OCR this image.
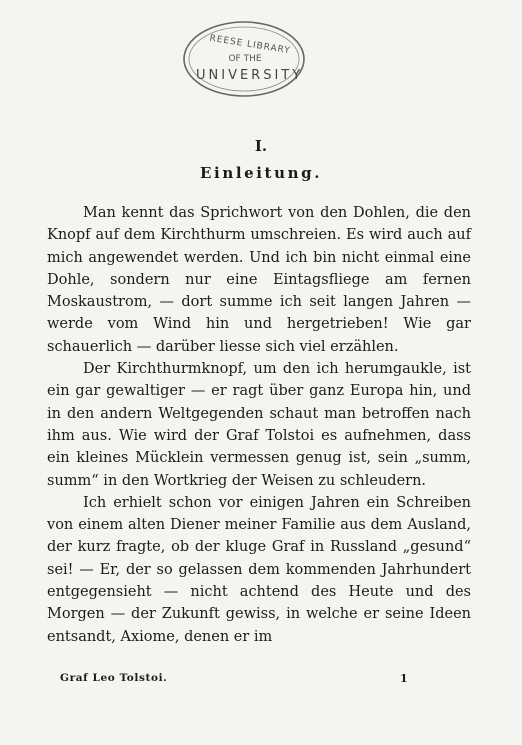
REESE LIBRARY
OF THE
UNIVERSITY
I.
Einleitung.

Man kennt das Sprichwort von den Dohlen, die den Knopf auf dem Kirchthurm umschreien. Es wird auch auf mich angewendet werden. Und ich bin nicht einmal eine Dohle, sondern nur eine Eintagsfliege am fernen Moskaustrom, — dort summe ich seit langen Jahren — werde vom Wind hin und hergetrieben! Wie gar schauerlich — darüber liesse sich viel erzählen.

Der Kirchthurmknopf, um den ich herumgaukle, ist ein gar gewaltiger — er ragt über ganz Europa hin, und in den andern Weltgegenden schaut man betroffen nach ihm aus. Wie wird der Graf Tolstoi es aufnehmen, dass ein kleines Mücklein vermessen genug ist, sein „summ, summ“ in den Wortkrieg der Weisen zu schleudern.

Ich erhielt schon vor einigen Jahren ein Schreiben von einem alten Diener meiner Familie aus dem Ausland, der kurz fragte, ob der kluge Graf in Russland „gesund“ sei! — Er, der so gelassen dem kommenden Jahrhundert entgegensieht — nicht achtend des Heute und des Morgen — der Zukunft gewiss, in welche er seine Ideen entsandt, Axiome, denen er im

Graf Leo Tolstoi.	1
